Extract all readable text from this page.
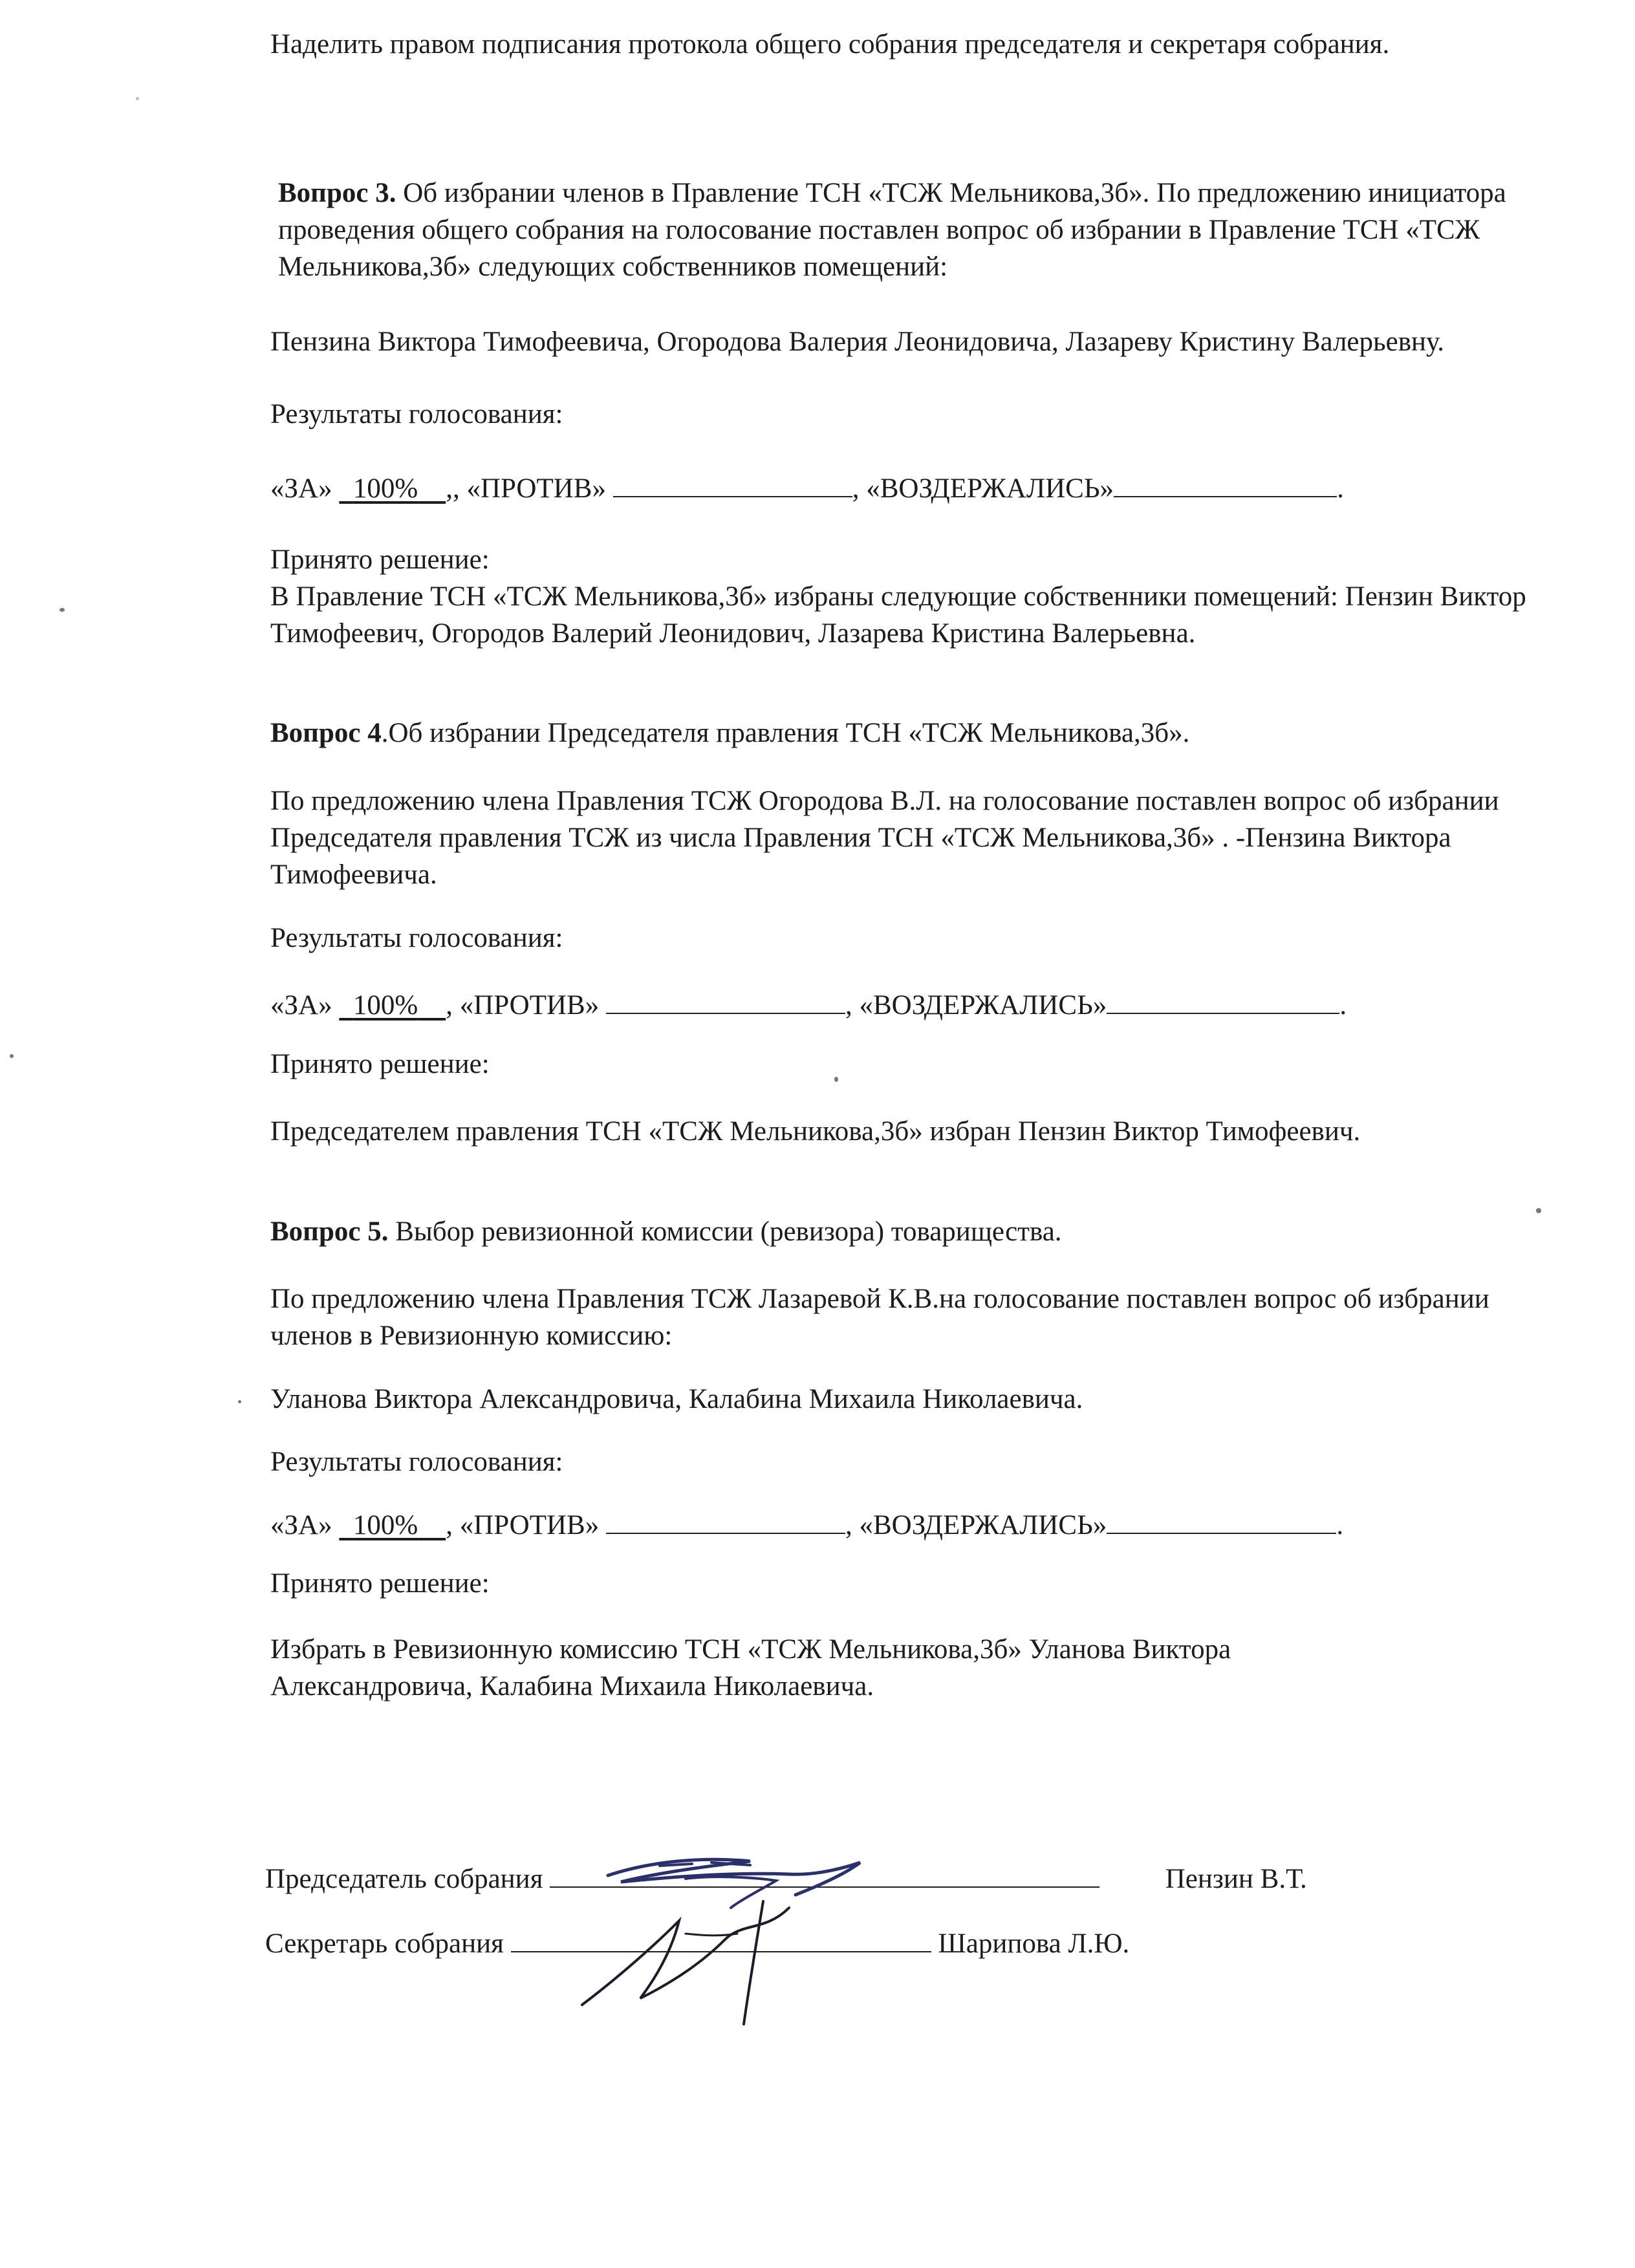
Наделить правом подписания протокола общего собрания председателя и секретаря собрания.

Вопрос 3. Об избрании членов в Правление ТСН «ТСЖ Мельникова,3б». По предложению инициатора проведения общего собрания на голосование поставлен вопрос об избрании в Правление ТСН «ТСЖ Мельникова,3б» следующих собственников помещений:

Пензина Виктора Тимофеевича, Огородова Валерия Леонидовича, Лазареву Кристину Валерьевну.

Результаты голосования:

«ЗА»   100% ,, «ПРОТИВ»	, «ВОЗДЕРЖАЛИСЬ»	.

Принято решение:

В Правление ТСН «ТСЖ Мельникова,3б» избраны следующие собственники помещений: Пензин Виктор Тимофеевич, Огородов Валерий Леонидович, Лазарева Кристина Валерьевна.

Вопрос 4.Об избрании Председателя правления ТСН «ТСЖ Мельникова,3б».

По предложению члена Правления ТСЖ Огородова В.Л. на голосование поставлен вопрос об избрании Председателя правления ТСЖ из числа Правления ТСН «ТСЖ Мельникова,3б» . -Пензина Виктора Тимофеевича.

Результаты голосования:

«ЗА»   100% , «ПРОТИВ»	, «ВОЗДЕРЖАЛИСЬ»	.

Принято решение:

Председателем правления ТСН «ТСЖ Мельникова,3б» избран Пензин Виктор Тимофеевич.

Вопрос 5. Выбор ревизионной комиссии (ревизора) товарищества.

По предложению члена Правления ТСЖ Лазаревой К.В.на голосование поставлен вопрос об избрании членов в Ревизионную комиссию:

Уланова Виктора Александровича, Калабина Михаила Николаевича.

Результаты голосования:

«ЗА»   100% , «ПРОТИВ»	, «ВОЗДЕРЖАЛИСЬ»	.

Принято решение:

Избрать в Ревизионную комиссию ТСН «ТСЖ Мельникова,3б» Уланова Виктора Александровича, Калабина Михаила Николаевича.

Председатель собрания	Пензин В.Т.
Секретарь собрания	Шарипова Л.Ю.
